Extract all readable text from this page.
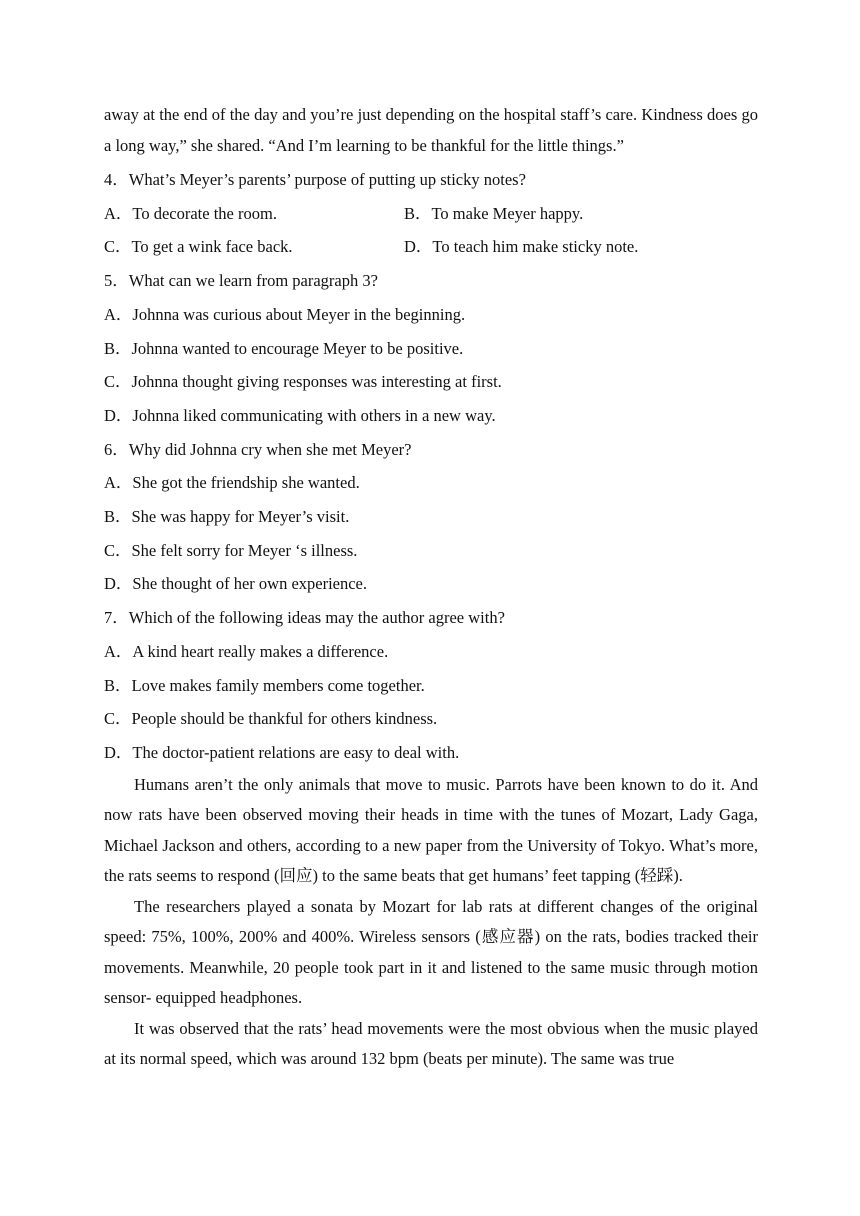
away at the end of the day and you’re just depending on the hospital staff’s care. Kindness does go a long way,” she shared. “And I’m learning to be thankful for the little things.”

4．What’s Meyer’s parents’ purpose of putting up sticky notes?

A．To decorate the room.	B．To make Meyer happy.
C．To get a wink face back.	D．To teach him make sticky note.

5．What can we learn from paragraph 3?

A．Johnna was curious about Meyer in the beginning.

B．Johnna wanted to encourage Meyer to be positive.

C．Johnna thought giving responses was interesting at first.

D．Johnna liked communicating with others in a new way.

6．Why did Johnna cry when she met Meyer?

A．She got the friendship she wanted.

B．She was happy for Meyer’s visit.

C．She felt sorry for Meyer ‘s illness.

D．She thought of her own experience.

7．Which of the following ideas may the author agree with?

A．A kind heart really makes a difference.

B．Love makes family members come together.

C．People should be thankful for others kindness.

D．The doctor-patient relations are easy to deal with.

Humans aren’t the only animals that move to music. Parrots have been known to do it. And now rats have been observed moving their heads in time with the tunes of Mozart, Lady Gaga, Michael Jackson and others, according to a new paper from the University of Tokyo. What’s more, the rats seems to respond (回应) to the same beats that get humans’ feet tapping (轻踩).

The researchers played a sonata by Mozart for lab rats at different changes of the original speed: 75%, 100%, 200% and 400%. Wireless sensors (感应器) on the rats, bodies tracked their movements. Meanwhile, 20 people took part in it and listened to the same music through motion sensor- equipped headphones.

It was observed that the rats’ head movements were the most obvious when the music played at its normal speed, which was around 132 bpm (beats per minute). The same was true
